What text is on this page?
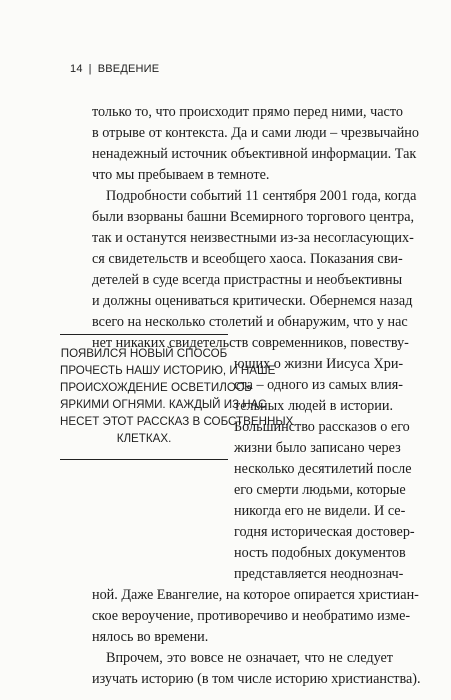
14 | ВВЕДЕНИЕ
только то, что происходит прямо перед ними, часто
в отрыве от контекста. Да и сами люди – чрезвычайно
ненадежный источник объективной информации. Так
что мы пребываем в темноте.
Подробности событий 11 сентября 2001 года, когда
были взорваны башни Всемирного торгового центра,
так и останутся неизвестными из-за несогласующих-
ся свидетельств и всеобщего хаоса. Показания сви-
детелей в суде всегда пристрастны и необъективны
и должны оцениваться критически. Обернемся назад
всего на несколько столетий и обнаружим, что у нас
нет никаких свидетельств современников, повеству-
ющих о жизни Иисуса Хри-
ста – одного из самых влия-
тельных людей в истории.
Большинство рассказов о его
жизни было записано через
несколько десятилетий после
его смерти людьми, которые
никогда его не видели. И се-
годня историческая достовер-
ность подобных документов
представляется неоднознач-
ной. Даже Евангелие, на которое опирается христиан-
ское вероучение, противоречиво и необратимо изме-
нялось во времени.
Впрочем, это вовсе не означает, что не следует
изучать историю (в том числе историю христианства).
ПОЯВИЛСЯ НОВЫЙ СПОСОБ
ПРОЧЕСТЬ НАШУ ИСТОРИЮ, И НАШЕ
ПРОИСХОЖДЕНИЕ ОСВЕТИЛОСЬ
ЯРКИМИ ОГНЯМИ. КАЖДЫЙ ИЗ НАС
НЕСЕТ ЭТОТ РАССКАЗ В СОБСТВЕННЫХ
КЛЕТКАХ.
